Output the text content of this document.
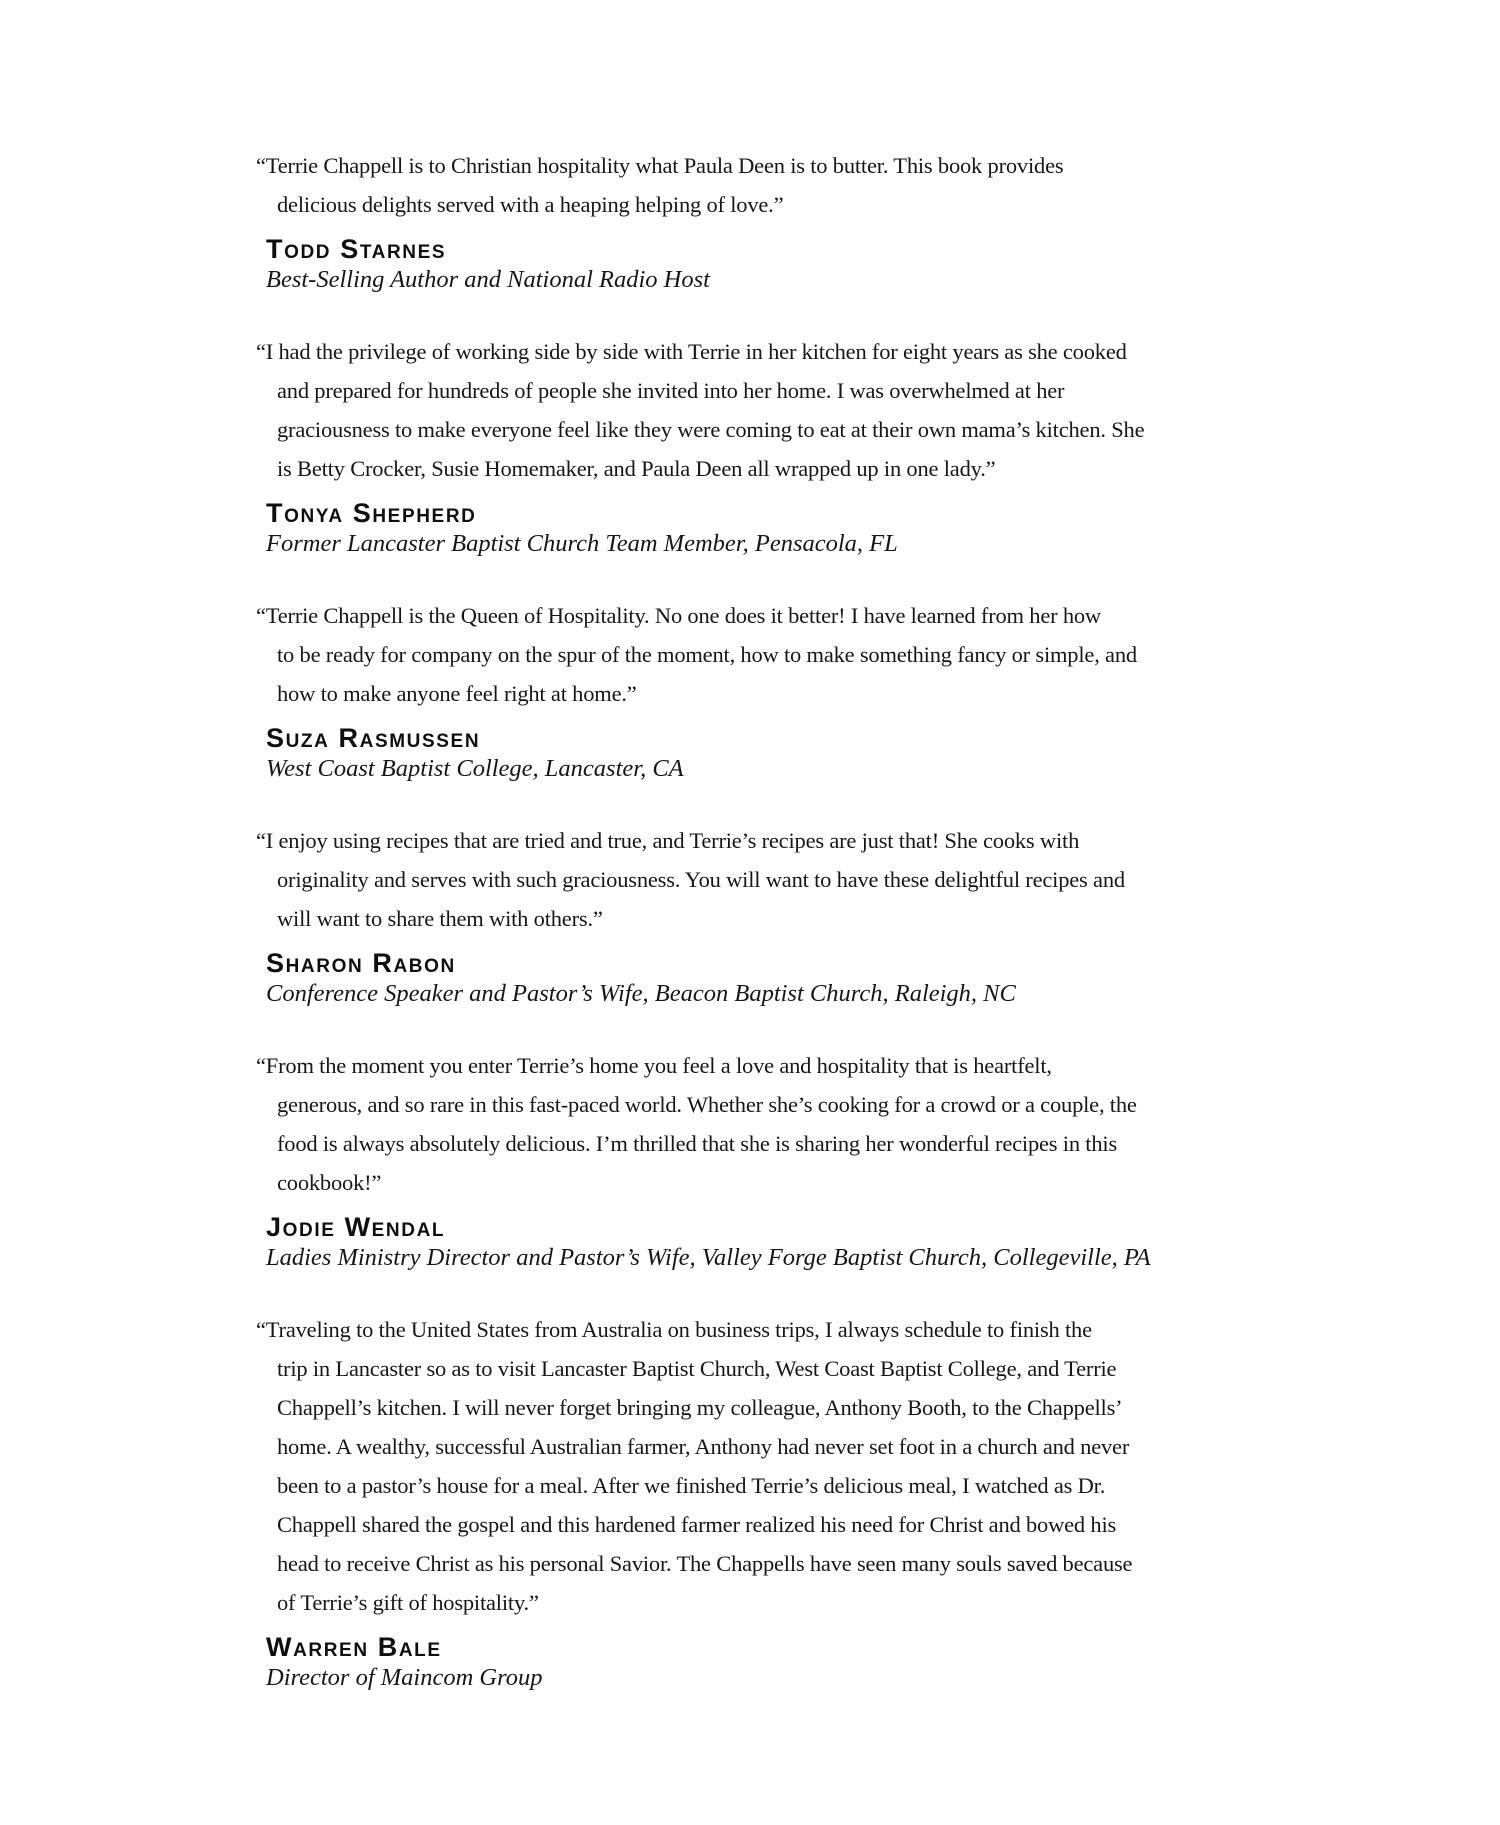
“Terrie Chappell is to Christian hospitality what Paula Deen is to butter. This book provides
delicious delights served with a heaping helping of love.”
Todd Starnes
Best-Selling Author and National Radio Host
“I had the privilege of working side by side with Terrie in her kitchen for eight years as she cooked
and prepared for hundreds of people she invited into her home. I was overwhelmed at her
graciousness to make everyone feel like they were coming to eat at their own mama’s kitchen. She
is Betty Crocker, Susie Homemaker, and Paula Deen all wrapped up in one lady.”
Tonya Shepherd
Former Lancaster Baptist Church Team Member, Pensacola, FL
“Terrie Chappell is the Queen of Hospitality. No one does it better! I have learned from her how
to be ready for company on the spur of the moment, how to make something fancy or simple, and
how to make anyone feel right at home.”
Suza Rasmussen
West Coast Baptist College, Lancaster, CA
“I enjoy using recipes that are tried and true, and Terrie’s recipes are just that! She cooks with
originality and serves with such graciousness. You will want to have these delightful recipes and
will want to share them with others.”
Sharon Rabon
Conference Speaker and Pastor’s Wife, Beacon Baptist Church, Raleigh, NC
“From the moment you enter Terrie’s home you feel a love and hospitality that is heartfelt,
generous, and so rare in this fast-paced world. Whether she’s cooking for a crowd or a couple, the
food is always absolutely delicious. I’m thrilled that she is sharing her wonderful recipes in this
cookbook!”
Jodie Wendal
Ladies Ministry Director and Pastor’s Wife, Valley Forge Baptist Church, Collegeville, PA
“Traveling to the United States from Australia on business trips, I always schedule to finish the
trip in Lancaster so as to visit Lancaster Baptist Church, West Coast Baptist College, and Terrie
Chappell’s kitchen. I will never forget bringing my colleague, Anthony Booth, to the Chappells’
home. A wealthy, successful Australian farmer, Anthony had never set foot in a church and never
been to a pastor’s house for a meal. After we finished Terrie’s delicious meal, I watched as Dr.
Chappell shared the gospel and this hardened farmer realized his need for Christ and bowed his
head to receive Christ as his personal Savior. The Chappells have seen many souls saved because
of Terrie’s gift of hospitality.”
Warren Bale
Director of Maincom Group
